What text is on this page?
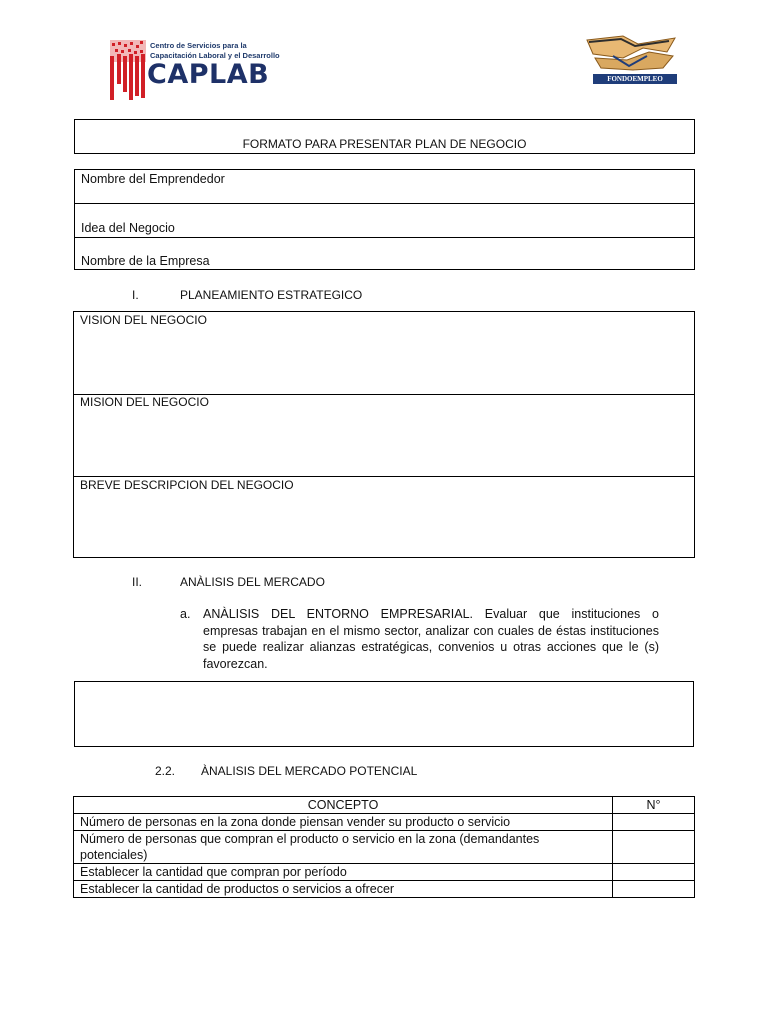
Centro de Servicios para la
Capacitación Laboral y el Desarrollo
CAPLAB	FONDOEMPLEO
FORMATO PARA PRESENTAR PLAN DE NEGOCIO
Nombre del Emprendedor
Idea del Negocio
Nombre de la Empresa
I.	PLANEAMIENTO ESTRATEGICO
VISION DEL NEGOCIO
MISION DEL NEGOCIO
BREVE DESCRIPCION DEL NEGOCIO
II.	ANÀLISIS DEL MERCADO
a. ANÀLISIS DEL ENTORNO EMPRESARIAL. Evaluar que instituciones o empresas trabajan en el mismo sector, analizar con cuales de éstas instituciones se puede realizar alianzas estratégicas, convenios u otras acciones que le (s) favorezcan.
2.2. ÀNALISIS DEL MERCADO POTENCIAL
CONCEPTO	N°
Número de personas en la zona donde piensan vender su producto o servicio	
Número de personas que compran el producto o servicio en la zona (demandantes potenciales)	
Establecer la cantidad que compran por período	
Establecer la cantidad de productos o servicios a ofrecer	
